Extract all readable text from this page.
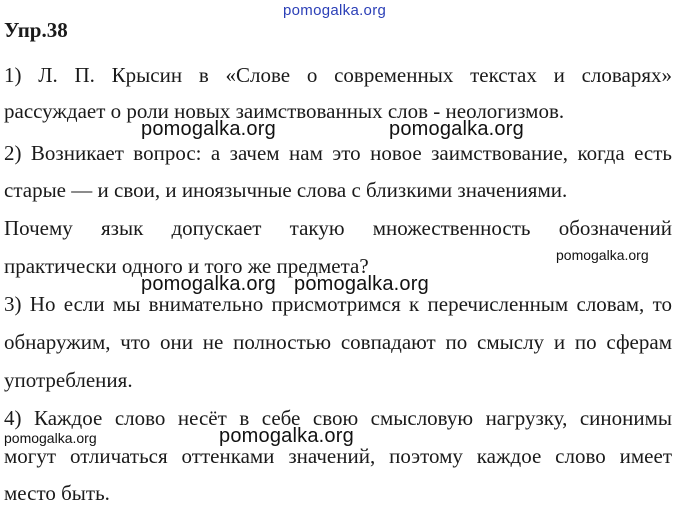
pomogalka.org
Упр.38
1) Л. П. Крысин в «Слове о современных текстах и словарях»
рассуждает о роли новых заимствованных слов - неологизмов.
pomogalka.org	pomogalka.org
2) Возникает вопрос: а зачем нам это новое заимствование, когда есть
старые — и свои, и иноязычные слова с близкими значениями.
Почему язык допускает такую множественность обозначений
pomogalka.org
практически одного и того же предмета?
pomogalka.org pomogalka.org
3) Но если мы внимательно присмотримся к перечисленным словам, то
обнаружим, что они не полностью совпадают по смыслу и по сферам
употребления.
4) Каждое слово несёт в себе свою смысловую нагрузку, синонимы
pomogalka.org	pomogalka.org
могут отличаться оттенками значений, поэтому каждое слово имеет
место быть.
